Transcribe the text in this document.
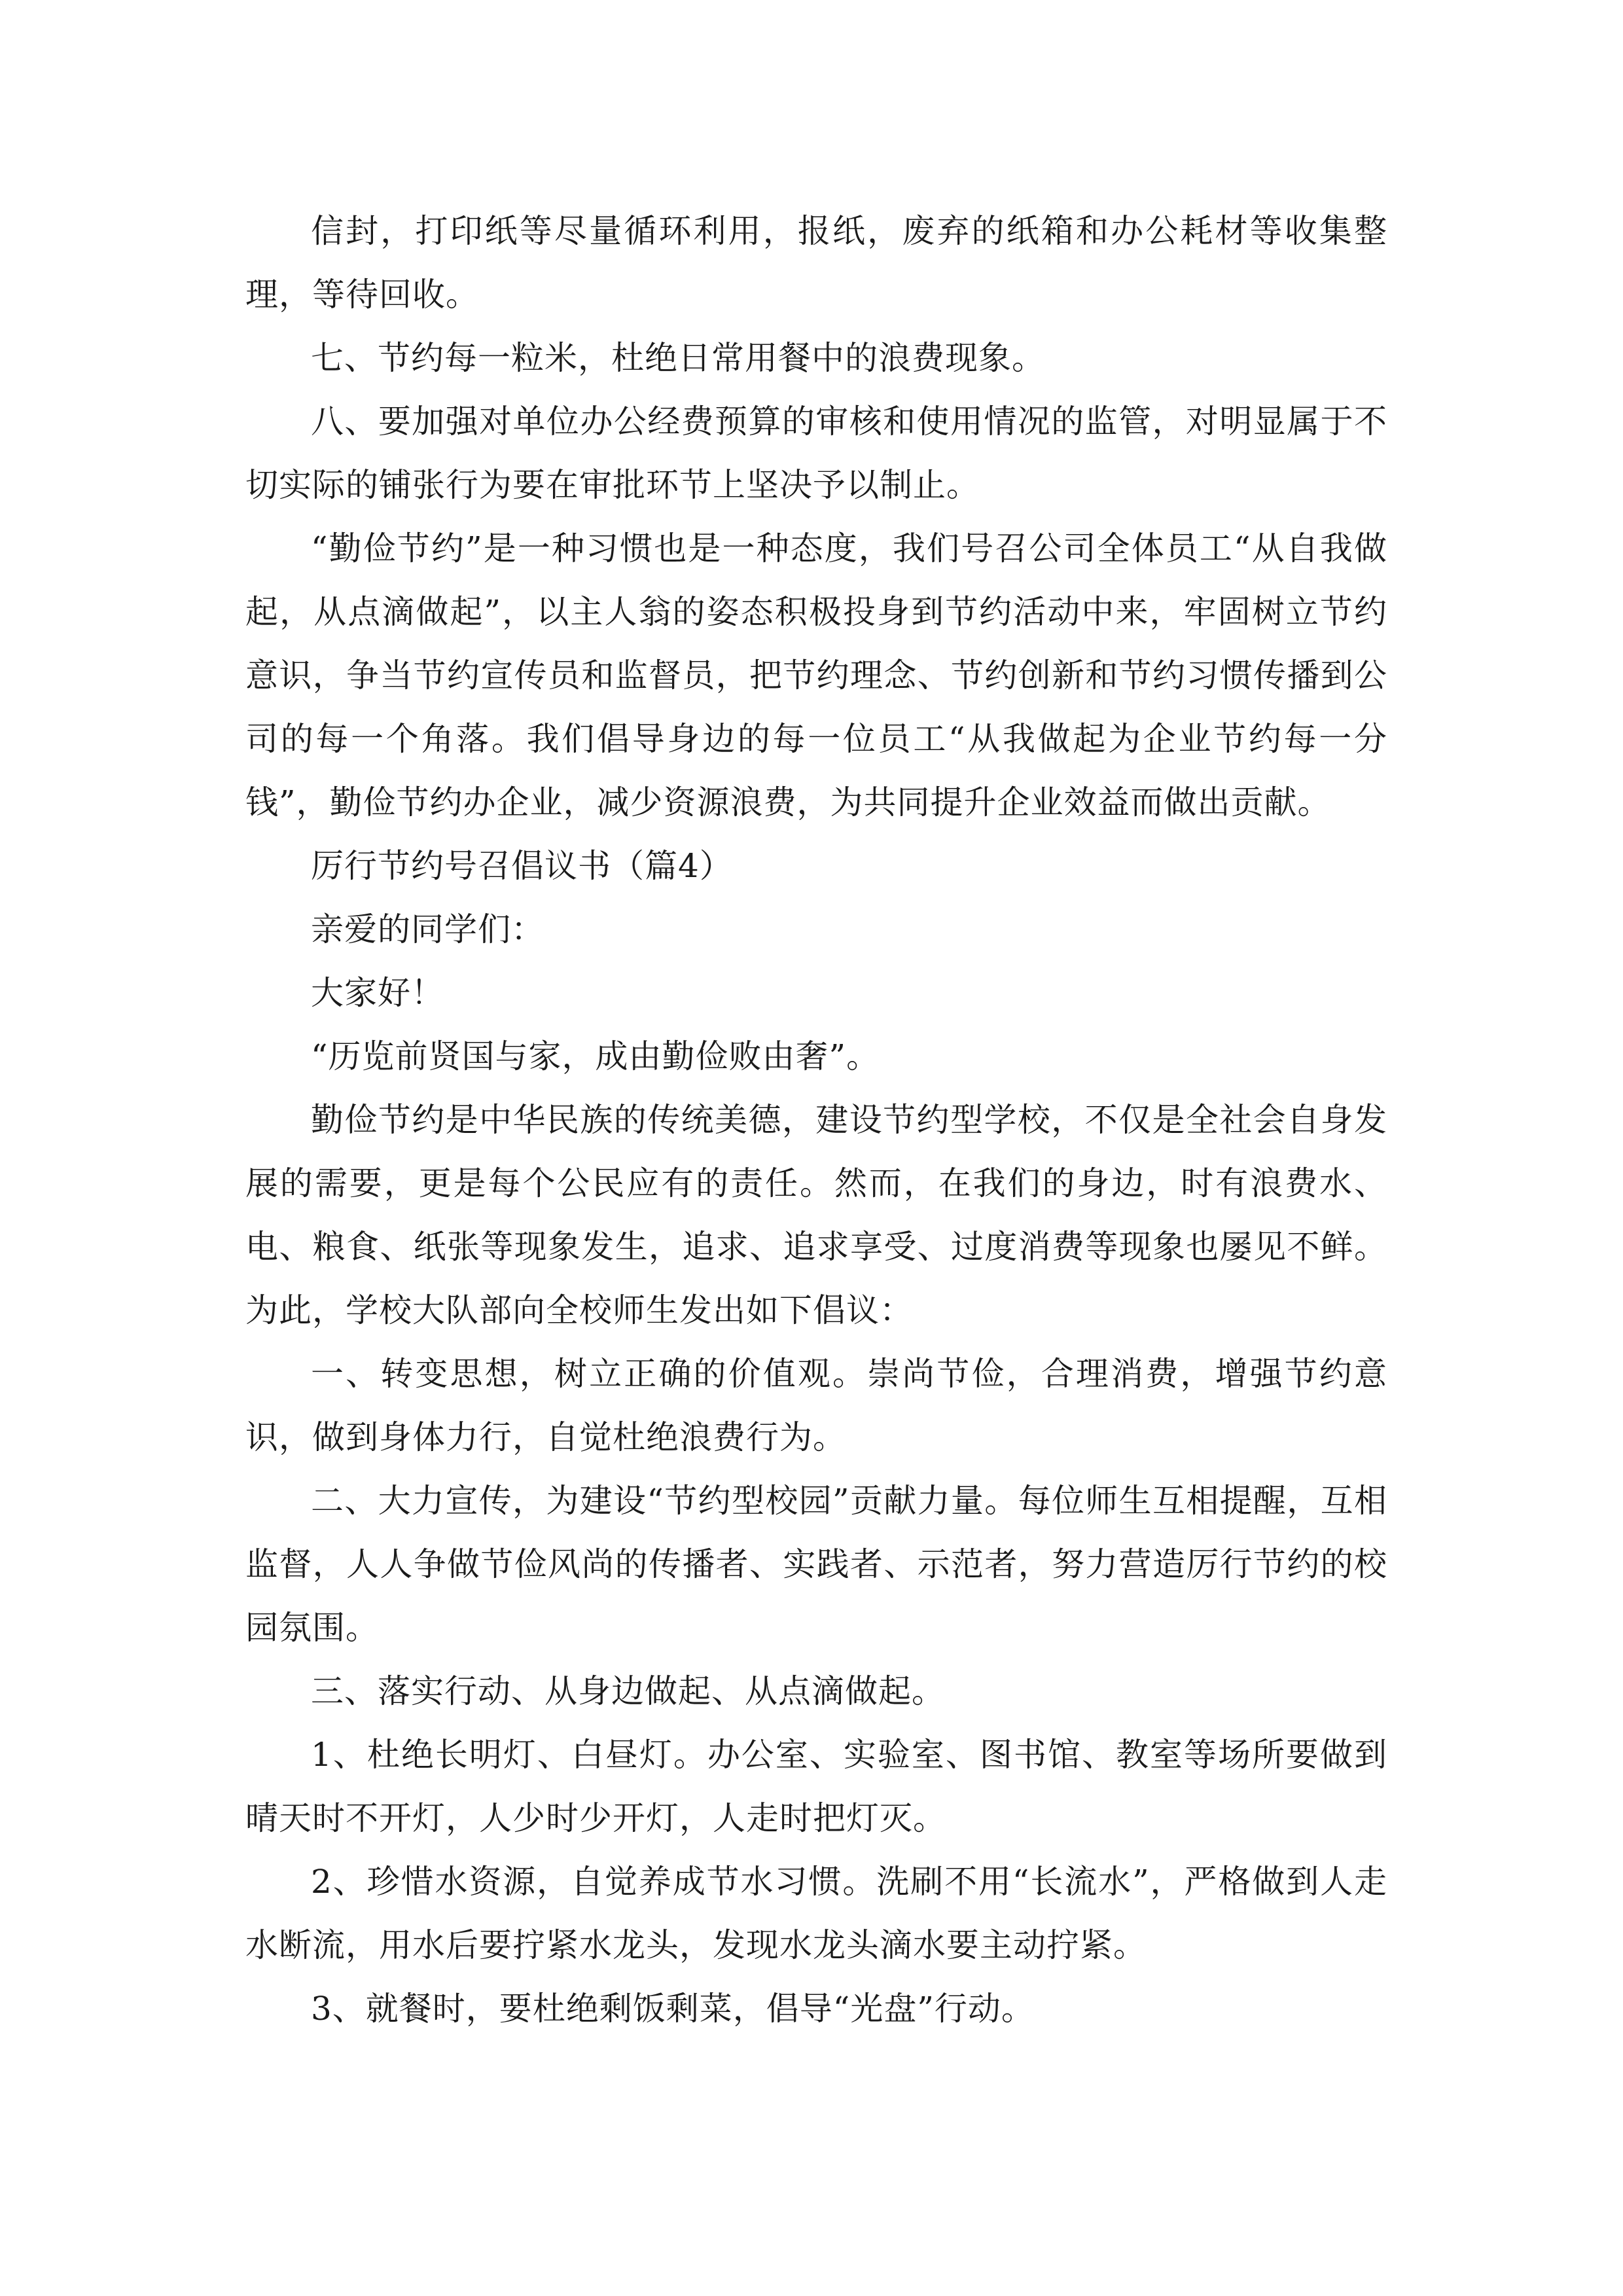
信封，打印纸等尽量循环利用，报纸，废弃的纸箱和办公耗材等收集整理，等待回收。

七、节约每一粒米，杜绝日常用餐中的浪费现象。

八、要加强对单位办公经费预算的审核和使用情况的监管，对明显属于不切实际的铺张行为要在审批环节上坚决予以制止。

“勤俭节约”是一种习惯也是一种态度，我们号召公司全体员工“从自我做起，从点滴做起”，以主人翁的姿态积极投身到节约活动中来，牢固树立节约意识，争当节约宣传员和监督员，把节约理念、节约创新和节约习惯传播到公司的每一个角落。我们倡导身边的每一位员工“从我做起为企业节约每一分钱”，勤俭节约办企业，减少资源浪费，为共同提升企业效益而做出贡献。

厉行节约号召倡议书（篇4）

亲爱的同学们：

大家好！

“历览前贤国与家，成由勤俭败由奢”。

勤俭节约是中华民族的传统美德，建设节约型学校，不仅是全社会自身发展的需要，更是每个公民应有的责任。然而，在我们的身边，时有浪费水、电、粮食、纸张等现象发生，追求、追求享受、过度消费等现象也屡见不鲜。为此，学校大队部向全校师生发出如下倡议：

一、转变思想，树立正确的价值观。崇尚节俭，合理消费，增强节约意识，做到身体力行，自觉杜绝浪费行为。

二、大力宣传，为建设“节约型校园”贡献力量。每位师生互相提醒，互相监督，人人争做节俭风尚的传播者、实践者、示范者，努力营造厉行节约的校园氛围。

三、落实行动、从身边做起、从点滴做起。

1、杜绝长明灯、白昼灯。办公室、实验室、图书馆、教室等场所要做到晴天时不开灯，人少时少开灯，人走时把灯灭。

2、珍惜水资源，自觉养成节水习惯。洗刷不用“长流水”，严格做到人走水断流，用水后要拧紧水龙头，发现水龙头滴水要主动拧紧。

3、就餐时，要杜绝剩饭剩菜，倡导“光盘”行动。
